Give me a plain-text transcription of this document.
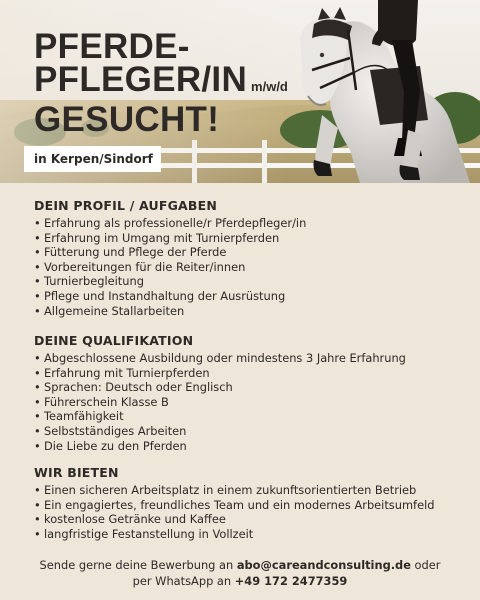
PFERDE-
PFLEGER/IN m/w/d
GESUCHT!
in Kerpen/Sindorf
DEIN PROFIL / AUFGABEN
• Erfahrung als professionelle/r Pferdepfleger/in
• Erfahrung im Umgang mit Turnierpferden
• Fütterung und Pflege der Pferde
• Vorbereitungen für die Reiter/innen
• Turnierbegleitung
• Pflege und Instandhaltung der Ausrüstung
• Allgemeine Stallarbeiten
DEINE QUALIFIKATION
• Abgeschlossene Ausbildung oder mindestens 3 Jahre Erfahrung
• Erfahrung mit Turnierpferden
• Sprachen: Deutsch oder Englisch
• Führerschein Klasse B
• Teamfähigkeit
• Selbstständiges Arbeiten
• Die Liebe zu den Pferden
WIR BIETEN
• Einen sicheren Arbeitsplatz in einem zukunftsorientierten Betrieb
• Ein engagiertes, freundliches Team und ein modernes Arbeitsumfeld
• kostenlose Getränke und Kaffee
• langfristige Festanstellung in Vollzeit
Sende gerne deine Bewerbung an abo@careandconsulting.de oder
per WhatsApp an +49 172 2477359
